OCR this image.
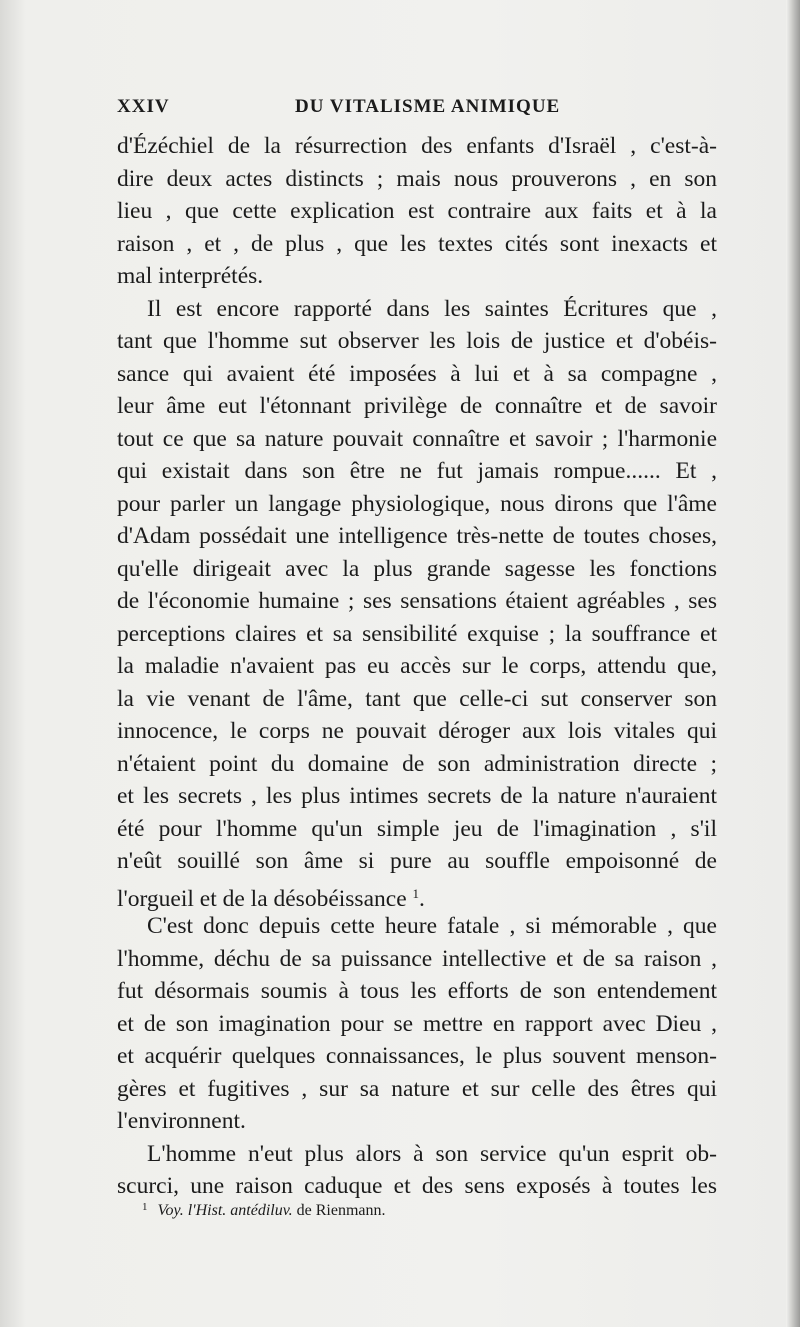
XXIV	DU VITALISME ANIMIQUE
d'Ézéchiel de la résurrection des enfants d'Israël , c'est-à-
dire deux actes distincts ; mais nous prouverons , en son
lieu , que cette explication est contraire aux faits et à la
raison , et , de plus , que les textes cités sont inexacts et
mal interprétés.
Il est encore rapporté dans les saintes Écritures que ,
tant que l'homme sut observer les lois de justice et d'obéis-
sance qui avaient été imposées à lui et à sa compagne ,
leur âme eut l'étonnant privilège de connaître et de savoir
tout ce que sa nature pouvait connaître et savoir ; l'harmonie
qui existait dans son être ne fut jamais rompue...... Et ,
pour parler un langage physiologique, nous dirons que l'âme
d'Adam possédait une intelligence très-nette de toutes choses,
qu'elle dirigeait avec la plus grande sagesse les fonctions
de l'économie humaine ; ses sensations étaient agréables , ses
perceptions claires et sa sensibilité exquise ; la souffrance et
la maladie n'avaient pas eu accès sur le corps, attendu que,
la vie venant de l'âme, tant que celle-ci sut conserver son
innocence, le corps ne pouvait déroger aux lois vitales qui
n'étaient point du domaine de son administration directe ;
et les secrets , les plus intimes secrets de la nature n'auraient
été pour l'homme qu'un simple jeu de l'imagination , s'il
n'eût souillé son âme si pure au souffle empoisonné de
l'orgueil et de la désobéissance $^1$.
C'est donc depuis cette heure fatale , si mémorable , que
l'homme, déchu de sa puissance intellective et de sa raison ,
fut désormais soumis à tous les efforts de son entendement
et de son imagination pour se mettre en rapport avec Dieu ,
et acquérir quelques connaissances, le plus souvent menson-
gères et fugitives , sur sa nature et sur celle des êtres qui
l'environnent.
L'homme n'eut plus alors à son service qu'un esprit ob-
scurci, une raison caduque et des sens exposés à toutes les
$^1$ Voy. l'Hist. antédiluv. de Rienmann.
